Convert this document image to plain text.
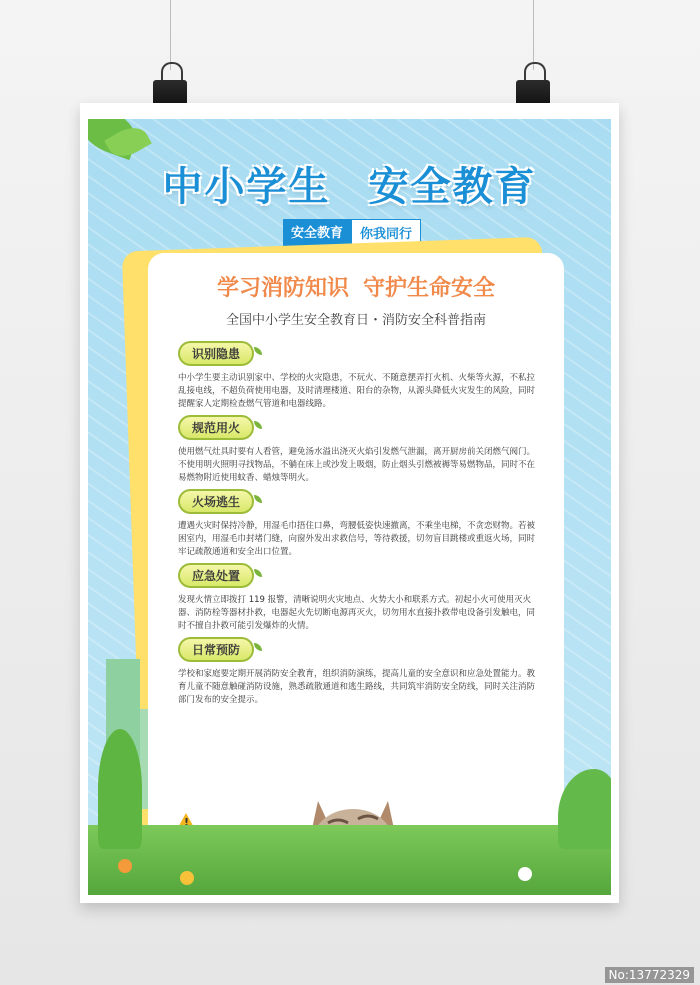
中小学生 安全教育
安全教育	你我同行
学习消防知识 守护生命安全
全国中小学生安全教育日・消防安全科普指南
识别隐患
中小学生要主动识别家中、学校的火灾隐患，不玩火、不随意摆弄打火机、火柴等火源，不私拉乱接电线，不超负荷使用电器，及时清理楼道、阳台的杂物，从源头降低火灾发生的风险，同时提醒家人定期检查燃气管道和电器线路。
规范用火
使用燃气灶具时要有人看管，避免汤水溢出浇灭火焰引发燃气泄漏，离开厨房前关闭燃气阀门。不使用明火照明寻找物品，不躺在床上或沙发上吸烟，防止烟头引燃被褥等易燃物品，同时不在易燃物附近使用蚊香、蜡烛等明火。
火场逃生
遭遇火灾时保持冷静，用湿毛巾捂住口鼻，弯腰低姿快速撤离，不乘坐电梯，不贪恋财物。若被困室内，用湿毛巾封堵门缝，向窗外发出求救信号，等待救援，切勿盲目跳楼或重返火场，同时牢记疏散通道和安全出口位置。
应急处置
发现火情立即拨打 119 报警，清晰说明火灾地点、火势大小和联系方式。初起小火可使用灭火器、消防栓等器材扑救，电器起火先切断电源再灭火，切勿用水直接扑救带电设备引发触电，同时不擅自扑救可能引发爆炸的火情。
日常预防
学校和家庭要定期开展消防安全教育，组织消防演练，提高儿童的安全意识和应急处置能力。教育儿童不随意触碰消防设施，熟悉疏散通道和逃生路线，共同筑牢消防安全防线，同时关注消防部门发布的安全提示。
!
No:13772329
